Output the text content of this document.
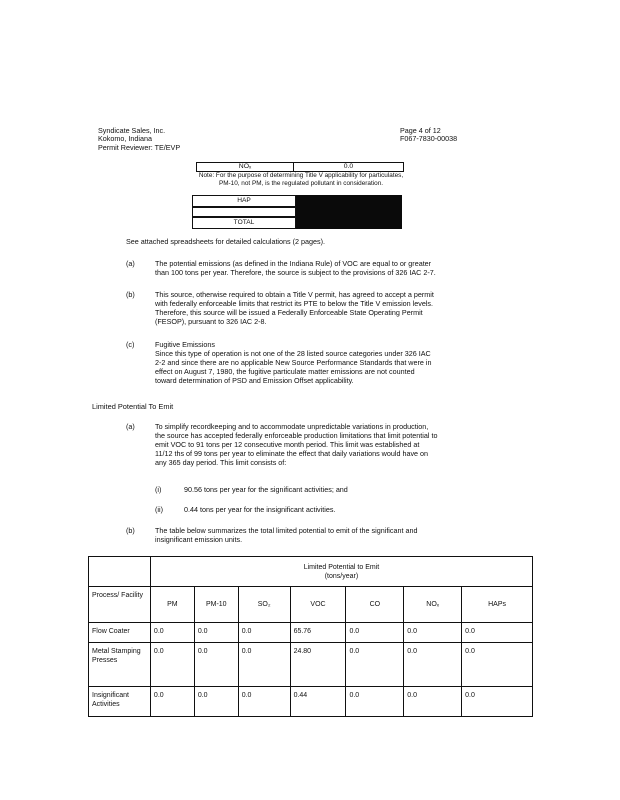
Syndicate Sales, Inc.
Kokomo, Indiana
Permit Reviewer: TE/EVP
Page 4 of 12
F067-7830-00038
NOₓ	0.0
Note: For the purpose of determining Title V applicability for particulates, PM-10, not PM, is the regulated pollutant in consideration.
HAP
TOTAL
See attached spreadsheets for detailed calculations (2 pages).
(a)	The potential emissions (as defined in the Indiana Rule) of VOC are equal to or greater
than 100 tons per year. Therefore, the source is subject to the provisions of 326 IAC 2-7.
(b)	This source, otherwise required to obtain a Title V permit, has agreed to accept a permit
with federally enforceable limits that restrict its PTE to below the Title V emission levels.
Therefore, this source will be issued a Federally Enforceable State Operating Permit
(FESOP), pursuant to 326 IAC 2-8.
(c)	Fugitive Emissions
Since this type of operation is not one of the 28 listed source categories under 326 IAC
2-2 and since there are no applicable New Source Performance Standards that were in
effect on August 7, 1980, the fugitive particulate matter emissions are not counted
toward determination of PSD and Emission Offset applicability.
Limited Potential To Emit
(a)	To simplify recordkeeping and to accommodate unpredictable variations in production,
the source has accepted federally enforceable production limitations that limit potential to
emit VOC to 91 tons per 12 consecutive month period. This limit was established at
11/12 ths of 99 tons per year to eliminate the effect that daily variations would have on
any 365 day period. This limit consists of:
(i)	90.56 tons per year for the significant activities; and
(ii)	0.44 tons per year for the insignificant activities.
(b)	The table below summarizes the total limited potential to emit of the significant and
insignificant emission units.

	Limited Potential to Emit
(tons/year)						

Process/ Facility	PM	PM-10	SO₂	VOC	CO	NOₓ	HAPs
Flow Coater	0.0	0.0	0.0	65.76	0.0	0.0	0.0
Metal Stamping Presses	0.0	0.0	0.0	24.80	0.0	0.0	0.0
Insignificant Activities	0.0	0.0	0.0	0.44	0.0	0.0	0.0
